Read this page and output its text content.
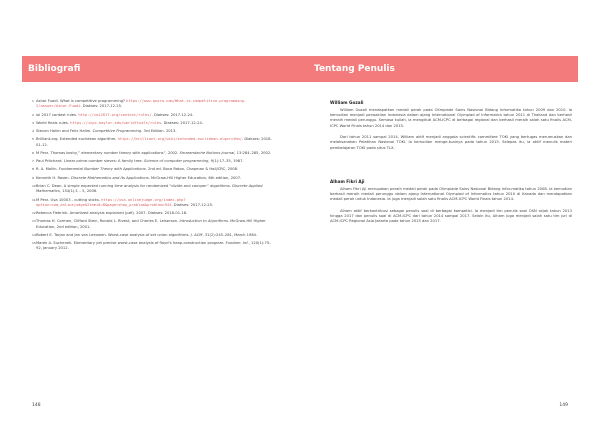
Bibliografi
1 Ashar Fuadi. What is competitive programming? https://www.quora.com/What-is-competitive-programming-2/answer/Ashar-Fuadi. Diakses: 2017-12-25.
2 ioi 2017 contest rules. http://ioi2017.org/contest/rules/. Diakses: 2017-12-24.
3 World finals rules. https://icpc.baylor.edu/worldfinals/rules. Diakses: 2017-12-24.
4 Steven Halim and Felix Halim. Competitive Programming. 3rd Edition. 2013.
5 Brilliant.org. Extended euclidean algorithm. https://brilliant.org/wiki/extended-euclidean-algorithm/. Diakses: 2018-01-12.
6 M Perz. Thomas koshy,” elementary number theory with applications”, 2002. Smarandache Notions Journal, 13:284–285, 2002.
7 Paul Pritchard. Linear prime-number sieves: A family tree. Science of computer programming, 9(1):17–35, 1987.
8 R. A. Mollin. Fundamental Number Theory with Applications. 2nd ed. Boca Raton, Chapman & Hall/CRC, 2008.
9 Kenneth H. Rosen. Discrete Mathematics and Its Applications. McGraw-Hill Higher Education, 6th edition, 2007.
10 Brian C. Dean. A simple expected running time analysis for randomized “divide and conquer” algorithms. Discrete Applied Mathematics, 154(1):1 – 5, 2006.
11 M Perz. Uva 10003 - cutting sticks. https://uva.onlinejudge.org/index.php?option=com_onlinejudge&Itemid=8&page=show_problem&problem=944. Diakses: 2017-12-25.
12 Rebecca Fiebrink. Amortized analysis explained (pdf). 2007. Diakses: 2018-01-18.
13 Thomas H. Cormen, Clifford Stein, Ronald L. Rivest, and Charles E. Leiserson. Introduction to Algorithms. McGraw-Hill Higher Education, 2nd edition, 2001.
14 Robert E. Tarjan and Jan van Leeuwen. Worst-case analysis of set union algorithms. J. ACM, 31(2):245–281, March 1984.
15 Marek A. Suchenek. Elementary yet precise worst-case analysis of floyd’s heap-construction program. Fundam. Inf., 120(1):75–92, January 2012.
148
Tentang Penulis
William Gozali

William Gozali mendapatkan medali perak pada Olimpiade Sains Nasional Bidang Informatika tahun 2009 dan 2010. Ia kemudian menjadi perwakilan Indonesia dalam ajang International Olympiad of Informatics tahun 2011 di Thailand dan berhasil meraih medali perunggu. Semasa kuliah, ia mengikuti ACM-ICPC di berbagai regional dan berhasil meraih salah satu finalis ACM-ICPC World Finals tahun 2014 dan 2015.

Dari tahun 2011 sampai 2014, William aktif menjadi anggota scientific committee TOKI yang bertugas merumuskan dan melaksanakan Pelatihan Nasional TOKI. Ia kemudian menge-tuainya pada tahun 2015. Selepas itu, ia aktif menulis materi pembelajaran TOKI pada situs TLX.

Alham Fikri Aji

Alham Fikri Aji merupakan peraih medali perak pada Olimpiade Sains Nasional Bidang Infor-matika tahun 2008. Ia kemudian berhasil meraih medali perunggu dalam ajang International Olympiad of Informatics tahun 2010 di Kanada dan mendapatkan medali perak untuk Indonesia. Ia juga menjadi salah satu finalis ACM-ICPC World Finals tahun 2014.

Alham aktif berkontribusi sebagai penulis soal di berbagai kompetisi. Ia menjadi tim penulis soal OSN sejak tahun 2013 hingga 2017 dan penulis soal di ACM-ICPC dari tahun 2014 sampai 2017. Selain itu, Alham juga menjadi salah satu tim juri di ACM-ICPC Regional Asia Jakarta pada tahun 2015 dan 2017.

149
